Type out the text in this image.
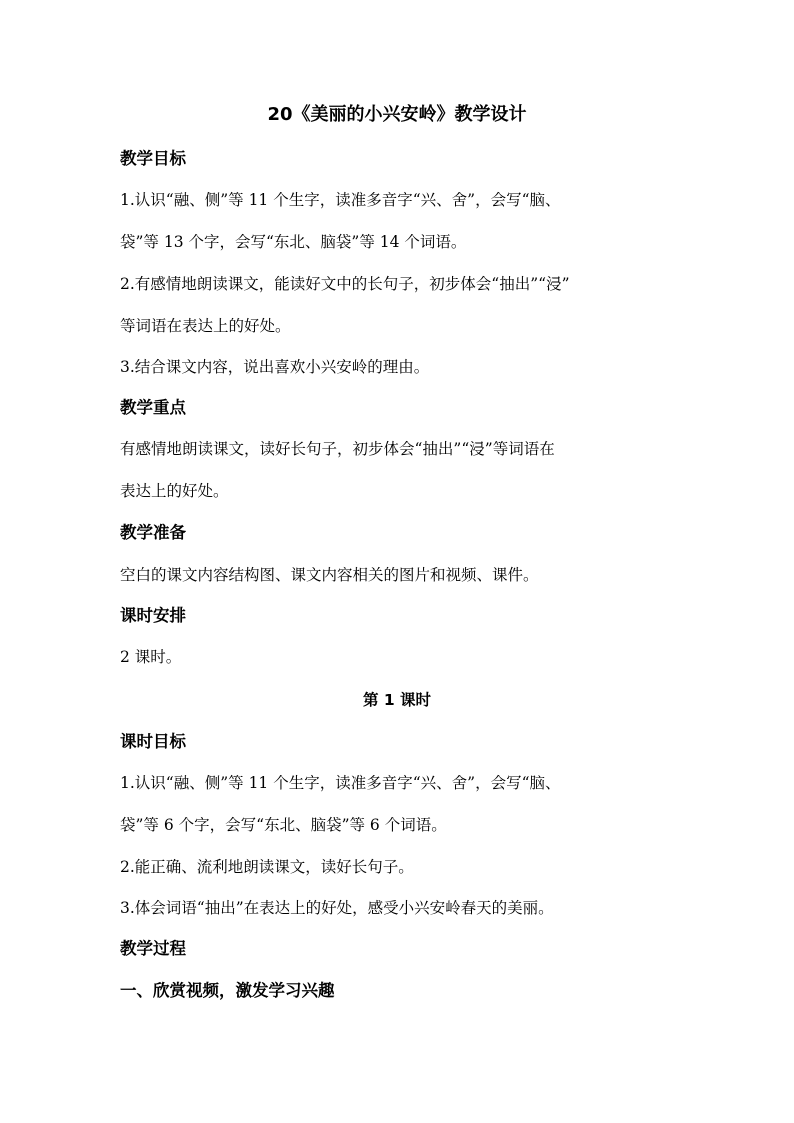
20《美丽的小兴安岭》教学设计
教学目标
1.认识“融、侧”等 11 个生字，读准多音字“兴、舍”，会写“脑、
袋”等 13 个字，会写“东北、脑袋”等 14 个词语。
2.有感情地朗读课文，能读好文中的长句子，初步体会“抽出”“浸”
等词语在表达上的好处。
3.结合课文内容，说出喜欢小兴安岭的理由。
教学重点
有感情地朗读课文，读好长句子，初步体会“抽出”“浸”等词语在
表达上的好处。
教学准备
空白的课文内容结构图、课文内容相关的图片和视频、课件。
课时安排
2 课时。
第 1 课时
课时目标
1.认识“融、侧”等 11 个生字，读准多音字“兴、舍”，会写“脑、
袋”等 6 个字，会写“东北、脑袋”等 6 个词语。
2.能正确、流利地朗读课文，读好长句子。
3.体会词语“抽出”在表达上的好处，感受小兴安岭春天的美丽。
教学过程
一、欣赏视频，激发学习兴趣
